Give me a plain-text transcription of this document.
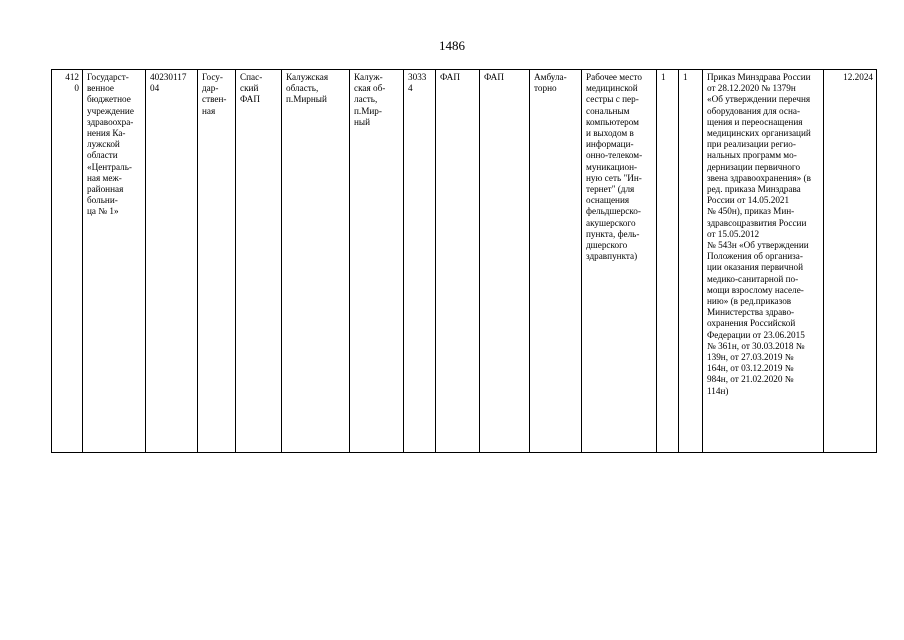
1486
412
0	Государст-
венное
бюджетное
учреждение
здравоохра-
нения Ка-
лужской
области
«Централь-
ная меж-
районная
больни-
ца № 1»	40230117
04	Госу-
дар-
ствен-
ная	Спас-
ский
ФАП	Калужская
область,
п.Мирный	Калуж-
ская об-
ласть,
п.Мир-
ный	3033
4	ФАП	ФАП	Амбула-
торно	Рабочее место
медицинской
сестры с пер-
сональным
компьютером
и выходом в
информаци-
онно-телеком-
муникацион-
ную сеть "Ин-
тернет" (для
оснащения
фельдшерско-
акушерского
пункта, фель-
дшерского
здравпункта)	1	1	Приказ Минздрава России
от 28.12.2020 № 1379н
«Об утверждении перечня
оборудования для осна-
щения и переоснащения
медицинских организаций
при реализации регио-
нальных программ мо-
дернизации первичного
звена здравоохранения» (в
ред. приказа Минздрава
России от 14.05.2021
№ 450н), приказ Мин-
здравсоцразвития России
от 15.05.2012
№ 543н «Об утверждении
Положения об организа-
ции оказания первичной
медико-санитарной по-
мощи взрослому населе-
нию» (в ред.приказов
Министерства здраво-
охранения Российской
Федерации от 23.06.2015
№ 361н, от 30.03.2018 №
139н, от 27.03.2019 №
164н, от 03.12.2019 №
984н, от 21.02.2020 №
114н)	12.2024
